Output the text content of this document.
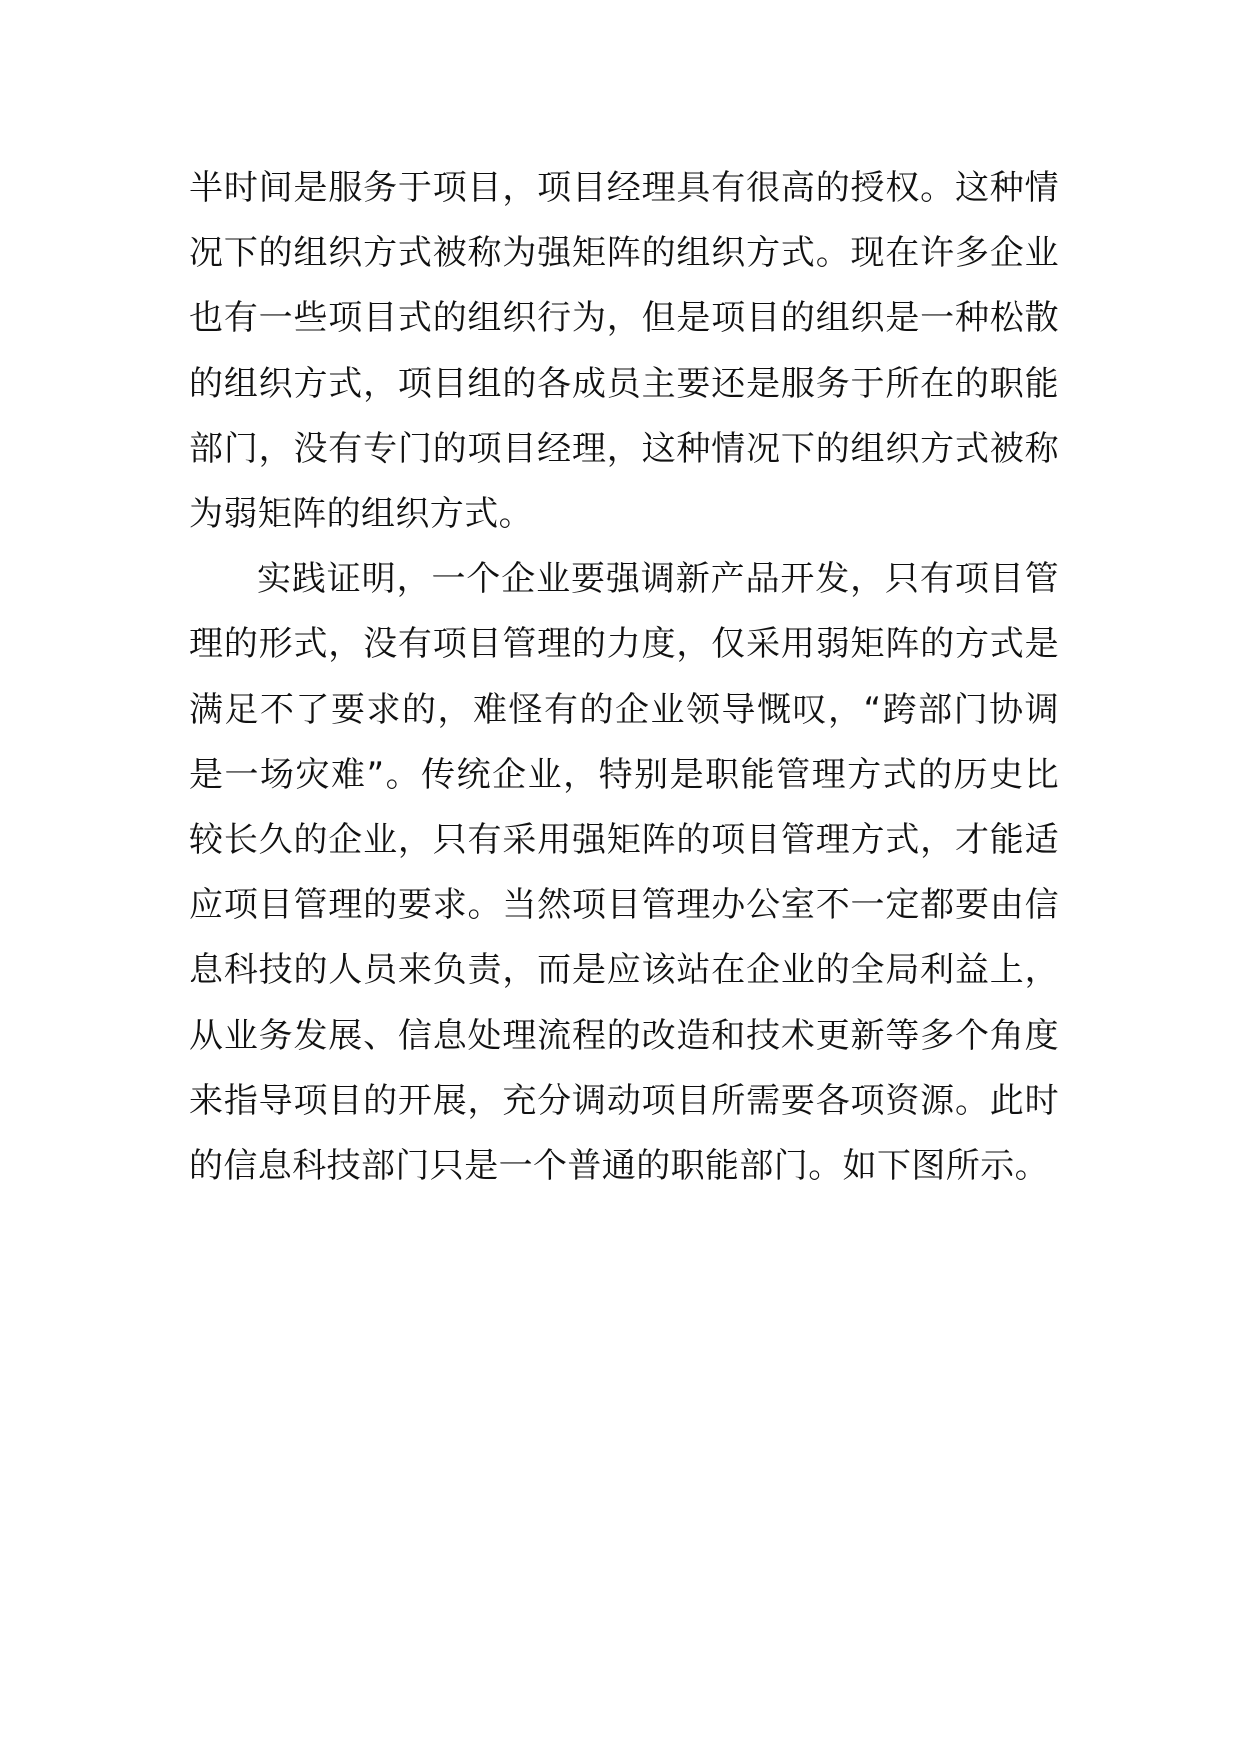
半时间是服务于项目，项目经理具有很高的授权。这种情况下的组织方式被称为强矩阵的组织方式。现在许多企业也有一些项目式的组织行为，但是项目的组织是一种松散的组织方式，项目组的各成员主要还是服务于所在的职能部门，没有专门的项目经理，这种情况下的组织方式被称为弱矩阵的组织方式。

实践证明，一个企业要强调新产品开发，只有项目管理的形式，没有项目管理的力度，仅采用弱矩阵的方式是满足不了要求的，难怪有的企业领导慨叹，“跨部门协调是一场灾难”。传统企业，特别是职能管理方式的历史比较长久的企业，只有采用强矩阵的项目管理方式，才能适应项目管理的要求。当然项目管理办公室不一定都要由信息科技的人员来负责，而是应该站在企业的全局利益上，从业务发展、信息处理流程的改造和技术更新等多个角度来指导项目的开展，充分调动项目所需要各项资源。此时的信息科技部门只是一个普通的职能部门。如下图所示。
